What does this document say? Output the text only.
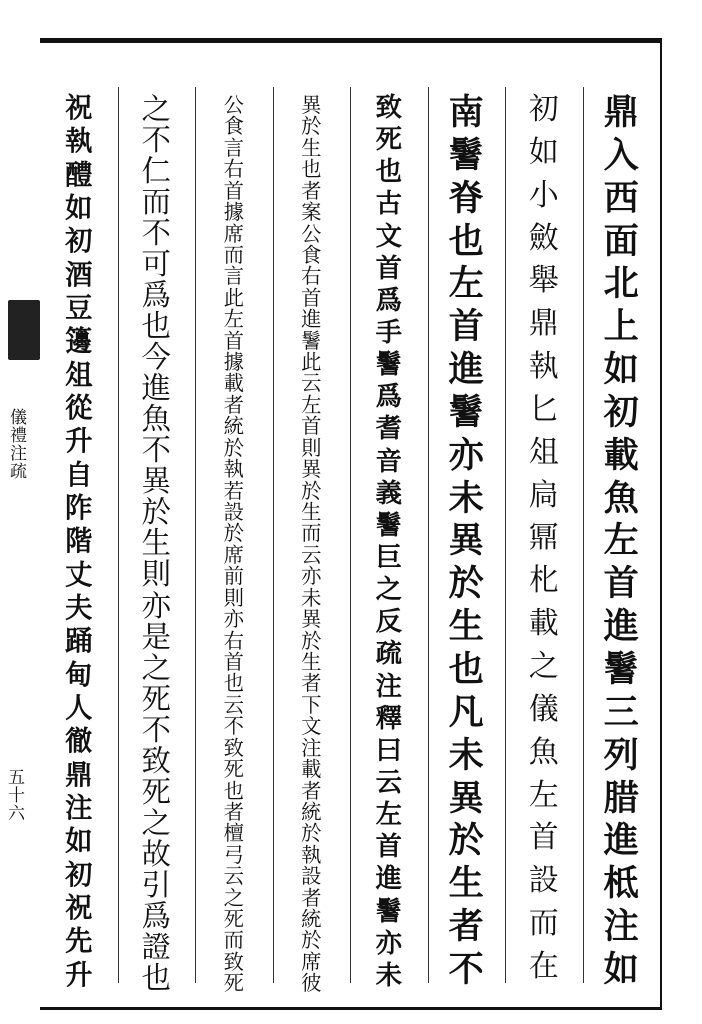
儀
禮
注
疏
五
十
六
鼎
入
西
面
北
上
如
初
載
魚
左
首
進
鬐
三
列
腊
進
柢
注
如
初
如
小
斂
舉
鼎
執
匕
俎
扃
鼏
朼
載
之
儀
魚
左
首
設
而
在
南
鬐
脊
也
左
首
進
鬐
亦
未
異
於
生
也
凡
未
異
於
生
者
不
致
死
也
古
文
首
爲
手
鬐
爲
耆
音
義
鬐
巨
之
反
疏
注
釋
曰
云
左
首
進
鬐
亦
未
異
於
生
也
者
案
公
食
右
首
進
鬐
此
云
左
首
則
異
於
生
而
云
亦
未
異
於
生
者
下
文
注
載
者
統
於
執
設
者
統
於
席
彼
公
食
言
右
首
據
席
而
言
此
左
首
據
載
者
統
於
執
若
設
於
席
前
則
亦
右
首
也
云
不
致
死
也
者
檀
弓
云
之
死
而
致
死
之
不
仁
而
不
可
爲
也
今
進
魚
不
異
於
生
則
亦
是
之
死
不
致
死
之
故
引
爲
證
也
祝
執
醴
如
初
酒
豆
籩
俎
從
升
自
阼
階
丈
夫
踊
甸
人
徹
鼎
注
如
初
祝
先
升
